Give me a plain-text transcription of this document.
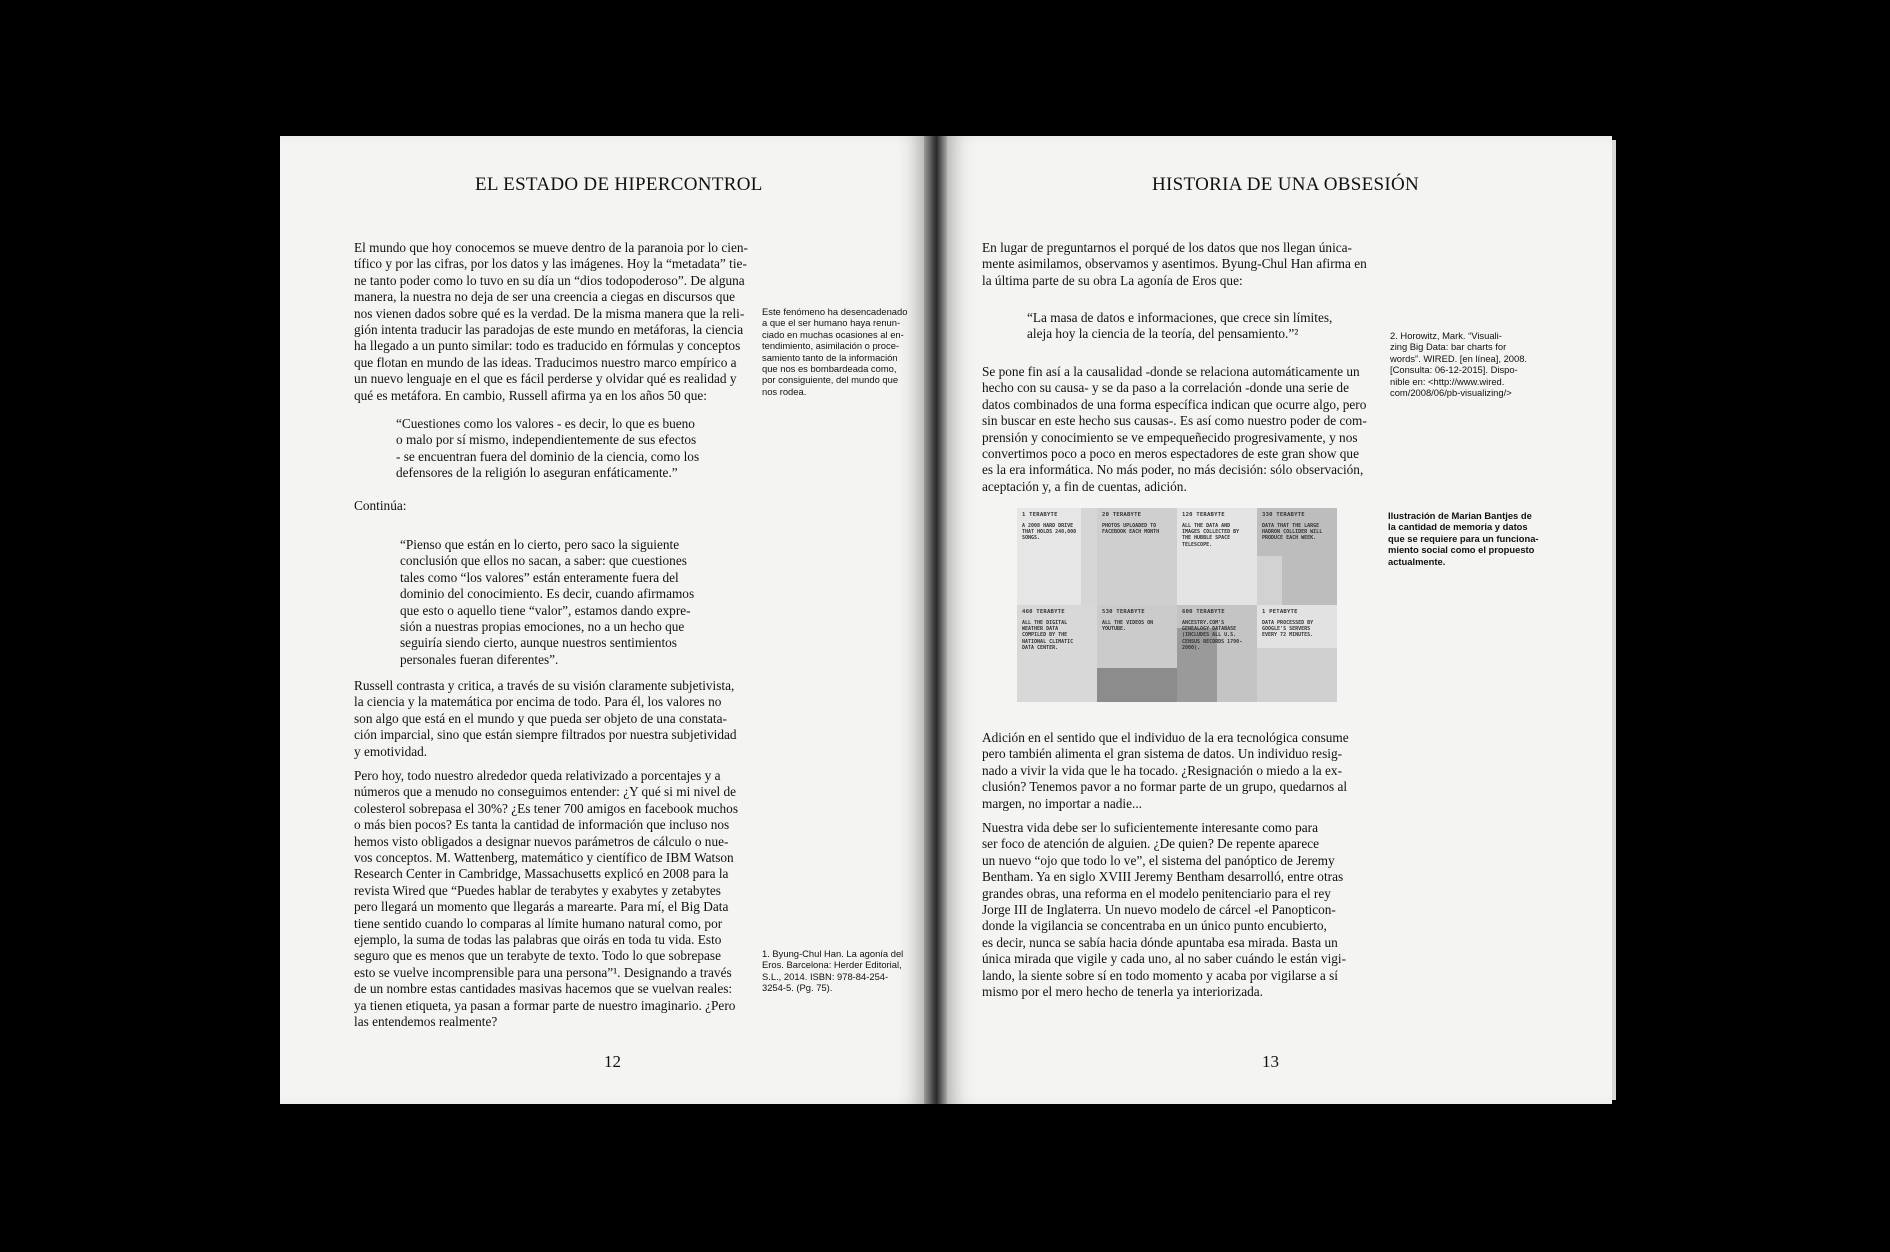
EL ESTADO DE HIPERCONTROL

El mundo que hoy conocemos se mueve dentro de la paranoia por lo cien-

tífico y por las cifras, por los datos y las imágenes. Hoy la “metadata” tie-

ne tanto poder como lo tuvo en su día un “dios todopoderoso”. De alguna

manera, la nuestra no deja de ser una creencia a ciegas en discursos que

nos vienen dados sobre qué es la verdad. De la misma manera que la reli-

gión intenta traducir las paradojas de este mundo en metáforas, la ciencia

ha llegado a un punto similar: todo es traducido en fórmulas y conceptos

que flotan en mundo de las ideas. Traducimos nuestro marco empírico a

un nuevo lenguaje en el que es fácil perderse y olvidar qué es realidad y

qué es metáfora. En cambio, Russell afirma ya en los años 50 que:

“Cuestiones como los valores - es decir, lo que es bueno

o malo por sí mismo, independientemente de sus efectos

- se encuentran fuera del dominio de la ciencia, como los

defensores de la religión lo aseguran enfáticamente.”

Continúa:

“Pienso que están en lo cierto, pero saco la siguiente

conclusión que ellos no sacan, a saber: que cuestiones

tales como “los valores” están enteramente fuera del

dominio del conocimiento. Es decir, cuando afirmamos

que esto o aquello tiene “valor”, estamos dando expre-

sión a nuestras propias emociones, no a un hecho que

seguiría siendo cierto, aunque nuestros sentimientos

personales fueran diferentes”.

Russell contrasta y critica, a través de su visión claramente subjetivista,

la ciencia y la matemática por encima de todo. Para él, los valores no

son algo que está en el mundo y que pueda ser objeto de una constata-

ción imparcial, sino que están siempre filtrados por nuestra subjetividad

y emotividad.

Pero hoy, todo nuestro alrededor queda relativizado a porcentajes y a

números que a menudo no conseguimos entender: ¿Y qué si mi nivel de

colesterol sobrepasa el 30%? ¿Es tener 700 amigos en facebook muchos

o más bien pocos? Es tanta la cantidad de información que incluso nos

hemos visto obligados a designar nuevos parámetros de cálculo o nue-

vos conceptos. M. Wattenberg, matemático y científico de IBM Watson

Research Center in Cambridge, Massachusetts explicó en 2008 para la

revista Wired que “Puedes hablar de terabytes y exabytes y zetabytes

pero llegará un momento que llegarás a marearte. Para mí, el Big Data

tiene sentido cuando lo comparas al límite humano natural como, por

ejemplo, la suma de todas las palabras que oirás en toda tu vida. Esto

seguro que es menos que un terabyte de texto. Todo lo que sobrepase

esto se vuelve incomprensible para una persona”¹. Designando a través

de un nombre estas cantidades masivas hacemos que se vuelvan reales:

ya tienen etiqueta, ya pasan a formar parte de nuestro imaginario. ¿Pero

las entendemos realmente?

Este fenómeno ha desencadenado
a que el ser humano haya renun-
ciado en muchas ocasiones al en-
tendimiento, asimilación o proce-
samiento tanto de la información
que nos es bombardeada como,
por consiguiente, del mundo que
nos rodea.
1. Byung-Chul Han. La agonía del
Eros. Barcelona: Herder Editorial,
S.L., 2014. ISBN: 978-84-254-
3254-5. (Pg. 75).
12
HISTORIA DE UNA OBSESIÓN

En lugar de preguntarnos el porqué de los datos que nos llegan única-

mente asimilamos, observamos y asentimos. Byung-Chul Han afirma en

la última parte de su obra La agonía de Eros que:

“La masa de datos e informaciones, que crece sin límites,

aleja hoy la ciencia de la teoría, del pensamiento.”²

Se pone fin así a la causalidad -donde se relaciona automáticamente un

hecho con su causa- y se da paso a la correlación -donde una serie de

datos combinados de una forma específica indican que ocurre algo, pero

sin buscar en este hecho sus causas-. Es así como nuestro poder de com-

prensión y conocimiento se ve empequeñecido progresivamente, y nos

convertimos poco a poco en meros espectadores de este gran show que

es la era informática. No más poder, no más decisión: sólo observación,

aceptación y, a fin de cuentas, adición.

2. Horowitz, Mark. “Visuali-
zing Big Data: bar charts for
words”. WIRED. [en línea], 2008.
[Consulta: 06-12-2015]. Dispo-
nible en: <http://www.wired.
com/2008/06/pb-visualizing/>
1 TERABYTE
A 2008 HARD DRIVE THAT HOLDS 240,000 SONGS.
20 TERABYTE
PHOTOS UPLOADED TO FACEBOOK EACH MONTH
120 TERABYTE
ALL THE DATA AND IMAGES COLLECTED BY THE HUBBLE SPACE TELESCOPE.
330 TERABYTE
DATA THAT THE LARGE HADRON COLLIDER WILL PRODUCE EACH WEEK.
460 TERABYTE
ALL THE DIGITAL WEATHER DATA COMPILED BY THE NATIONAL CLIMATIC DATA CENTER.
530 TERABYTE
ALL THE VIDEOS ON YOUTUBE.
600 TERABYTE
ANCESTRY.COM'S GENEALOGY DATABASE (INCLUDES ALL U.S. CENSUS RECORDS 1790-2000).
1 PETABYTE
DATA PROCESSED BY GOOGLE'S SERVERS EVERY 72 MINUTES.
Ilustración de Marian Bantjes de
la cantidad de memoria y datos
que se requiere para un funciona-
miento social como el propuesto
actualmente.

Adición en el sentido que el individuo de la era tecnológica consume

pero también alimenta el gran sistema de datos. Un individuo resig-

nado a vivir la vida que le ha tocado. ¿Resignación o miedo a la ex-

clusión? Tenemos pavor a no formar parte de un grupo, quedarnos al

margen, no importar a nadie...

Nuestra vida debe ser lo suficientemente interesante como para

ser foco de atención de alguien. ¿De quien? De repente aparece

un nuevo “ojo que todo lo ve”, el sistema del panóptico de Jeremy

Bentham. Ya en siglo XVIII Jeremy Bentham desarrolló, entre otras

grandes obras, una reforma en el modelo penitenciario para el rey

Jorge III de Inglaterra. Un nuevo modelo de cárcel -el Panopticon-

donde la vigilancia se concentraba en un único punto encubierto,

es decir, nunca se sabía hacia dónde apuntaba esa mirada. Basta un

única mirada que vigile y cada uno, al no saber cuándo le están vigi-

lando, la siente sobre sí en todo momento y acaba por vigilarse a sí

mismo por el mero hecho de tenerla ya interiorizada.

13
